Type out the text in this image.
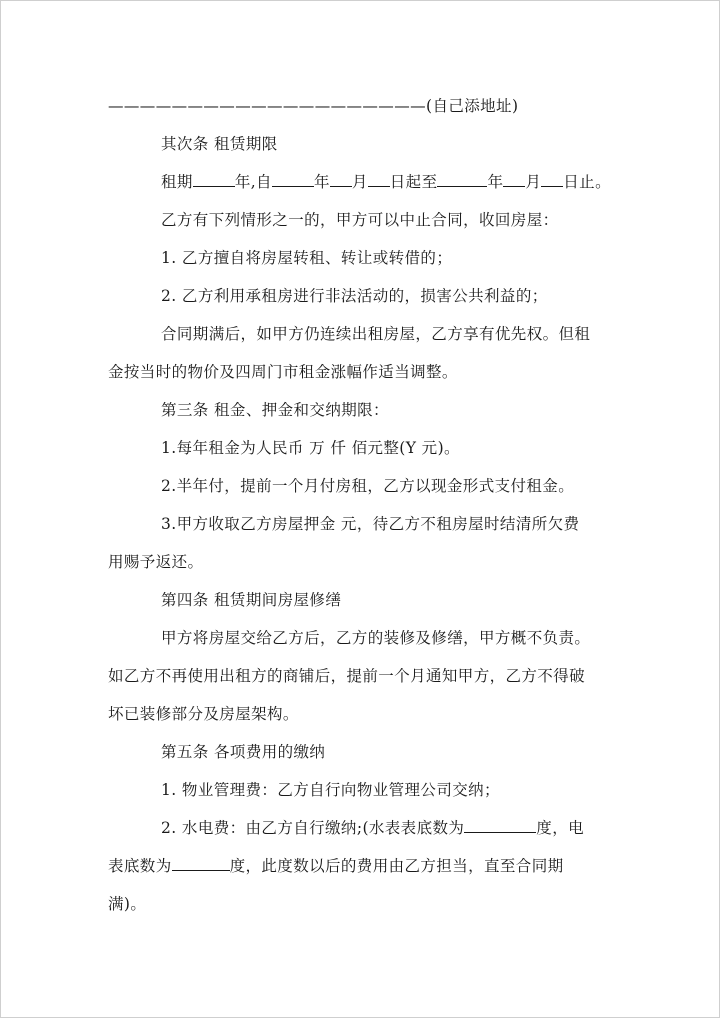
————————————————————(自己添地址)
其次条 租赁期限
租期	年,自	年 月 日起至	年 月 日止。
乙方有下列情形之一的，甲方可以中止合同，收回房屋：
1. 乙方擅自将房屋转租、转让或转借的；
2. 乙方利用承租房进行非法活动的，损害公共利益的；
合同期满后，如甲方仍连续出租房屋，乙方享有优先权。但租
金按当时的物价及四周门市租金涨幅作适当调整。
第三条 租金、押金和交纳期限：
1.每年租金为人民币 万 仟 佰元整(Y 元)。
2.半年付，提前一个月付房租，乙方以现金形式支付租金。
3.甲方收取乙方房屋押金 元，待乙方不租房屋时结清所欠费
用赐予返还。
第四条 租赁期间房屋修缮
甲方将房屋交给乙方后，乙方的装修及修缮，甲方概不负责。
如乙方不再使用出租方的商铺后，提前一个月通知甲方，乙方不得破
坏已装修部分及房屋架构。
第五条 各项费用的缴纳
1. 物业管理费：乙方自行向物业管理公司交纳；
2. 水电费：由乙方自行缴纳;(水表表底数为	度，电
表底数为	度，此度数以后的费用由乙方担当，直至合同期
满)。
